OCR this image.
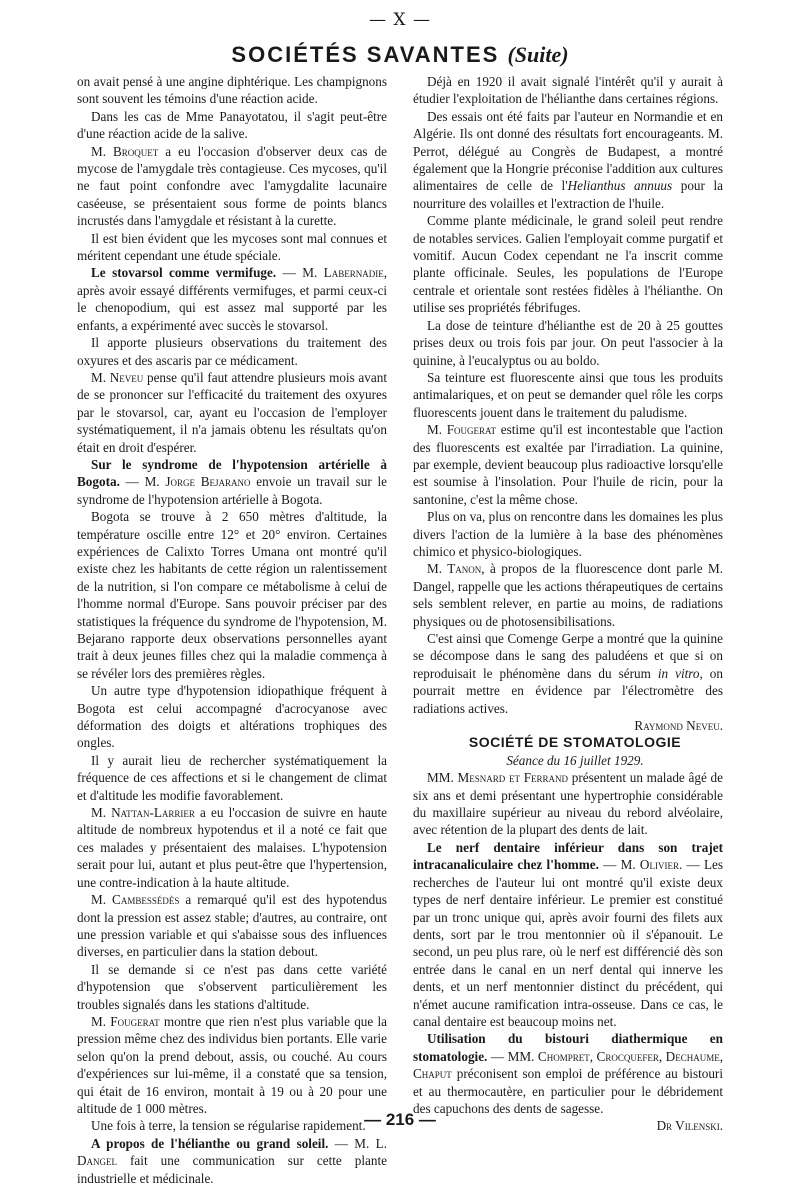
— X —
SOCIÉTÉS SAVANTES (Suite)

on avait pensé à une angine diphtérique. Les champignons sont souvent les témoins d'une réaction acide.

Dans les cas de Mme Panayotatou, il s'agit peut-être d'une réaction acide de la salive.

M. Broquet a eu l'occasion d'observer deux cas de mycose de l'amygdale très contagieuse. Ces mycoses, qu'il ne faut point confondre avec l'amygdalite lacunaire caséeuse, se présentaient sous forme de points blancs incrustés dans l'amygdale et résistant à la curette.

Il est bien évident que les mycoses sont mal connues et méritent cependant une étude spéciale.

Le stovarsol comme vermifuge. — M. Labernadie, après avoir essayé différents vermifuges, et parmi ceux-ci le chenopodium, qui est assez mal supporté par les enfants, a expérimenté avec succès le stovarsol.

Il apporte plusieurs observations du traitement des oxyures et des ascaris par ce médicament.

M. Neveu pense qu'il faut attendre plusieurs mois avant de se prononcer sur l'efficacité du traitement des oxyures par le stovarsol, car, ayant eu l'occasion de l'employer systématiquement, il n'a jamais obtenu les résultats qu'on était en droit d'espérer.

Sur le syndrome de l'hypotension artérielle à Bogota. — M. Jorge Bejarano envoie un travail sur le syndrome de l'hypotension artérielle à Bogota.

Bogota se trouve à 2 650 mètres d'altitude, la température oscille entre 12° et 20° environ. Certaines expériences de Calixto Torres Umana ont montré qu'il existe chez les habitants de cette région un ralentissement de la nutrition, si l'on compare ce métabolisme à celui de l'homme normal d'Europe. Sans pouvoir préciser par des statistiques la fréquence du syndrome de l'hypotension, M. Bejarano rapporte deux observations personnelles ayant trait à deux jeunes filles chez qui la maladie commença à se révéler lors des premières règles.

Un autre type d'hypotension idiopathique fréquent à Bogota est celui accompagné d'acrocyanose avec déformation des doigts et altérations trophiques des ongles.

Il y aurait lieu de rechercher systématiquement la fréquence de ces affections et si le changement de climat et d'altitude les modifie favorablement.

M. Nattan-Larrier a eu l'occasion de suivre en haute altitude de nombreux hypotendus et il a noté ce fait que ces malades y présentaient des malaises. L'hypotension serait pour lui, autant et plus peut-être que l'hypertension, une contre-indication à la haute altitude.

M. Cambessédès a remarqué qu'il est des hypotendus dont la pression est assez stable; d'autres, au contraire, ont une pression variable et qui s'abaisse sous des influences diverses, en particulier dans la station debout.

Il se demande si ce n'est pas dans cette variété d'hypotension que s'observent particulièrement les troubles signalés dans les stations d'altitude.

M. Fougerat montre que rien n'est plus variable que la pression même chez des individus bien portants. Elle varie selon qu'on la prend debout, assis, ou couché. Au cours d'expériences sur lui-même, il a constaté que sa tension, qui était de 16 environ, montait à 19 ou à 20 pour une altitude de 1 000 mètres.

Une fois à terre, la tension se régularise rapidement.

A propos de l'hélianthe ou grand soleil. — M. L. Dangel fait une communication sur cette plante industrielle et médicinale.

Déjà en 1920 il avait signalé l'intérêt qu'il y aurait à étudier l'exploitation de l'hélianthe dans certaines régions.

Des essais ont été faits par l'auteur en Normandie et en Algérie. Ils ont donné des résultats fort encourageants. M. Perrot, délégué au Congrès de Budapest, a montré également que la Hongrie préconise l'addition aux cultures alimentaires de celle de l'Helianthus annuus pour la nourriture des volailles et l'extraction de l'huile.

Comme plante médicinale, le grand soleil peut rendre de notables services. Galien l'employait comme purgatif et vomitif. Aucun Codex cependant ne l'a inscrit comme plante officinale. Seules, les populations de l'Europe centrale et orientale sont restées fidèles à l'hélianthe. On utilise ses propriétés fébrifuges.

La dose de teinture d'hélianthe est de 20 à 25 gouttes prises deux ou trois fois par jour. On peut l'associer à la quinine, à l'eucalyptus ou au boldo.

Sa teinture est fluorescente ainsi que tous les produits antimalariques, et on peut se demander quel rôle les corps fluorescents jouent dans le traitement du paludisme.

M. Fougerat estime qu'il est incontestable que l'action des fluorescents est exaltée par l'irradiation. La quinine, par exemple, devient beaucoup plus radioactive lorsqu'elle est soumise à l'insolation. Pour l'huile de ricin, pour la santonine, c'est la même chose.

Plus on va, plus on rencontre dans les domaines les plus divers l'action de la lumière à la base des phénomènes chimico et physico-biologiques.

M. Tanon, à propos de la fluorescence dont parle M. Dangel, rappelle que les actions thérapeutiques de certains sels semblent relever, en partie au moins, de radiations physiques ou de photosensibilisations.

C'est ainsi que Comenge Gerpe a montré que la quinine se décompose dans le sang des paludéens et que si on reproduisait le phénomène dans du sérum in vitro, on pourrait mettre en évidence par l'électromètre des radiations actives.

Raymond Neveu.

SOCIÉTÉ DE STOMATOLOGIE

Séance du 16 juillet 1929.

MM. Mesnard et Ferrand présentent un malade âgé de six ans et demi présentant une hypertrophie considérable du maxillaire supérieur au niveau du rebord alvéolaire, avec rétention de la plupart des dents de lait.

Le nerf dentaire inférieur dans son trajet intracanaliculaire chez l'homme. — M. Olivier. — Les recherches de l'auteur lui ont montré qu'il existe deux types de nerf dentaire inférieur. Le premier est constitué par un tronc unique qui, après avoir fourni des filets aux dents, sort par le trou mentonnier où il s'épanouit. Le second, un peu plus rare, où le nerf est différencié dès son entrée dans le canal en un nerf dental qui innerve les dents, et un nerf mentonnier distinct du précédent, qui n'émet aucune ramification intra-osseuse. Dans ce cas, le canal dentaire est beaucoup moins net.

Utilisation du bistouri diathermique en stomatologie. — MM. Chompret, Crocquefer, Dechaume, Chaput préconisent son emploi de préférence au bistouri et au thermocautère, en particulier pour le débridement des capuchons des dents de sagesse.

Dr Vilenski.

— 216 —
